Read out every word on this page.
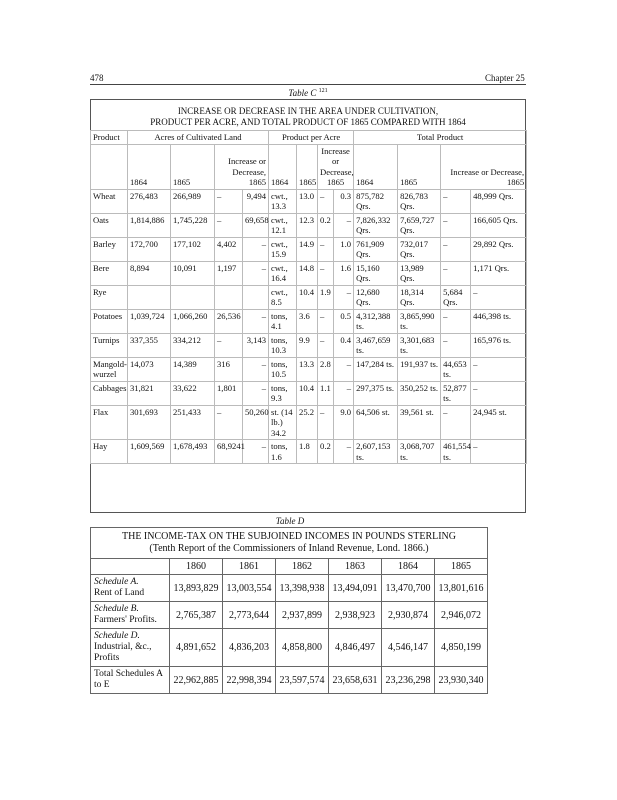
478	Chapter 25
Table C $^{121}$
INCREASE OR DECREASE IN THE AREA UNDER CULTIVATION,
PRODUCT PER ACRE, AND TOTAL PRODUCT OF 1865 COMPARED WITH 1864
Product	Acres of Cultivated Land				Product per Acre				Total Product			
	1864	1865	Increase or Decrease, 1865		1864	1865	Increase or Decrease, 1865		1864	1865	Increase or Decrease, 1865	
Wheat	276,483	266,989	–	9,494	cwt., 13.3	13.0	–	0.3	875,782 Qrs.	826,783 Qrs.	–	48,999 Qrs.
Oats	1,814,886	1,745,228	–	69,658	cwt., 12.1	12.3	0.2	–	7,826,332 Qrs.	7,659,727 Qrs.	–	166,605 Qrs.
Barley	172,700	177,102	4,402	–	cwt., 15.9	14.9	–	1.0	761,909 Qrs.	732,017 Qrs.	–	29,892 Qrs.
Bere	8,894	10,091	1,197	–	cwt., 16.4	14.8	–	1.6	15,160 Qrs.	13,989 Qrs.	–	1,171 Qrs.
Rye					cwt., 8.5	10.4	1.9	–	12,680 Qrs.	18,314 Qrs.	5,684 Qrs.	–
Potatoes	1,039,724	1,066,260	26,536	–	tons, 4.1	3.6	–	0.5	4,312,388 ts.	3,865,990 ts.	–	446,398 ts.
Turnips	337,355	334,212	–	3,143	tons, 10.3	9.9	–	0.4	3,467,659 ts.	3,301,683 ts.	–	165,976 ts.
Mangold-wurzel	14,073	14,389	316	–	tons, 10.5	13.3	2.8	–	147,284 ts.	191,937 ts.	44,653 ts.	–
Cabbages	31,821	33,622	1,801	–	tons, 9.3	10.4	1.1	–	297,375 ts.	350,252 ts.	52,877 ts.	–
Flax	301,693	251,433	–	50,260	st. (14 lb.) 34.2	25.2	–	9.0	64,506 st.	39,561 st.	–	24,945 st.
Hay	1,609,569	1,678,493	68,9241	–	tons, 1.6	1.8	0.2	–	2,607,153 ts.	3,068,707 ts.	461,554 ts.	–
Table D
THE INCOME-TAX ON THE SUBJOINED INCOMES IN POUNDS STERLING
(Tenth Report of the Commissioners of Inland Revenue, Lond. 1866.)						

	1860	1861	1862	1863	1864	1865
Schedule A.
Rent of Land	13,893,829	13,003,554	13,398,938	13,494,091	13,470,700	13,801,616
Schedule B.
Farmers' Profits.	2,765,387	2,773,644	2,937,899	2,938,923	2,930,874	2,946,072
Schedule D.
Industrial, &c., Profits	4,891,652	4,836,203	4,858,800	4,846,497	4,546,147	4,850,199
Total Schedules A to E	22,962,885	22,998,394	23,597,574	23,658,631	23,236,298	23,930,340
